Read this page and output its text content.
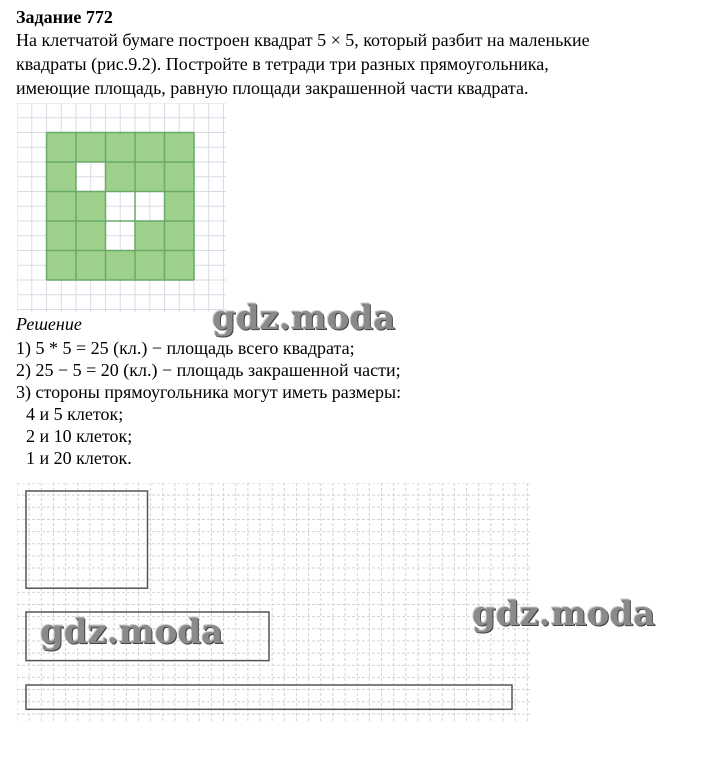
Задание 772
На клетчатой бумаге построен квадрат 5 × 5, который разбит на маленькие
квадраты (рис.9.2). Постройте в тетради три разных прямоугольника,
имеющие площадь, равную площади закрашенной части квадрата.
Решение
1) 5 * 5 = 25 (кл.) − площадь всего квадрата;
2) 25 − 5 = 20 (кл.) − площадь закрашенной части;
3) стороны прямоугольника могут иметь размеры:
4 и 5 клеток;
2 и 10 клеток;
1 и 20 клеток.
gdz.moda
gdz.moda
gdz.moda
